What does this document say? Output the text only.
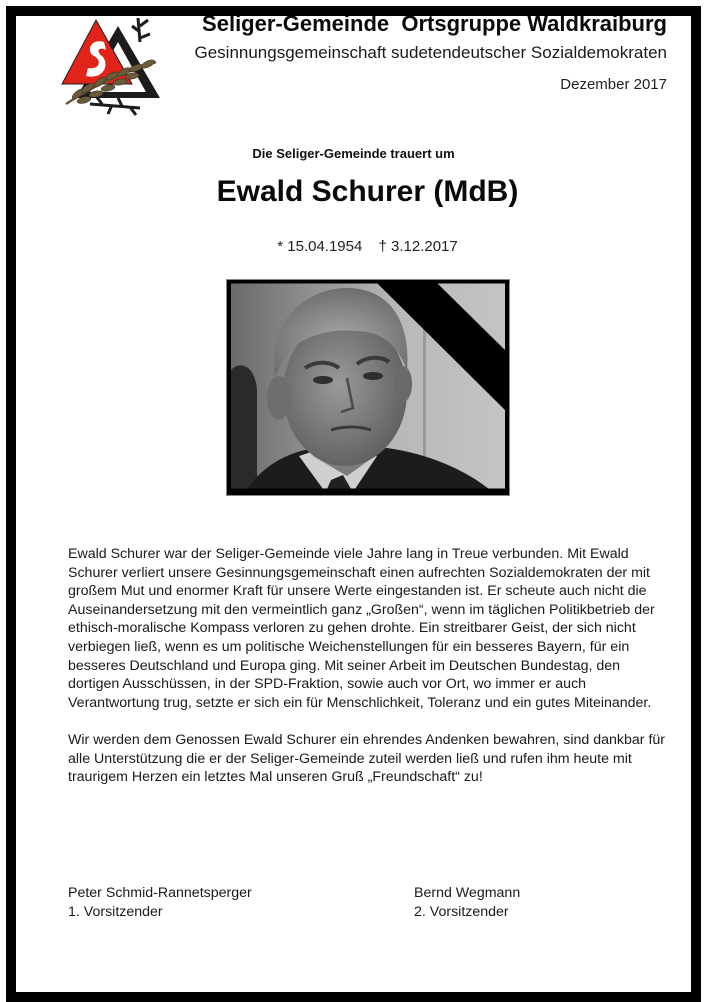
Seliger-Gemeinde  Ortsgruppe Waldkraiburg
Gesinnungsgemeinschaft sudetendeutscher Sozialdemokraten
Dezember 2017
Die Seliger-Gemeinde trauert um
Ewald Schurer (MdB)
* 15.04.1954 † 3.12.2017

Ewald Schurer war der Seliger-Gemeinde viele Jahre lang in Treue verbunden. Mit Ewald Schurer verliert unsere Gesinnungsgemeinschaft einen aufrechten Sozialdemokraten der mit großem Mut und enormer Kraft für unsere Werte eingestanden ist. Er scheute auch nicht die Auseinandersetzung mit den vermeintlich ganz „Großen“, wenn im täglichen Politikbetrieb der ethisch-moralische Kompass verloren zu gehen drohte. Ein streitbarer Geist, der sich nicht verbiegen ließ, wenn es um politische Weichenstellungen für ein besseres Bayern, für ein besseres Deutschland und Europa ging. Mit seiner Arbeit im Deutschen Bundestag, den dortigen Ausschüssen, in der SPD-Fraktion, sowie auch vor Ort, wo immer er auch Verantwortung trug, setzte er sich ein für Menschlichkeit, Toleranz und ein gutes Miteinander.

Wir werden dem Genossen Ewald Schurer ein ehrendes Andenken bewahren, sind dankbar für alle Unterstützung die er der Seliger-Gemeinde zuteil werden ließ und rufen ihm heute mit traurigem Herzen ein letztes Mal unseren Gruß „Freundschaft“ zu!

Peter Schmid-Rannetsperger
1. Vorsitzender
Bernd Wegmann
2. Vorsitzender
